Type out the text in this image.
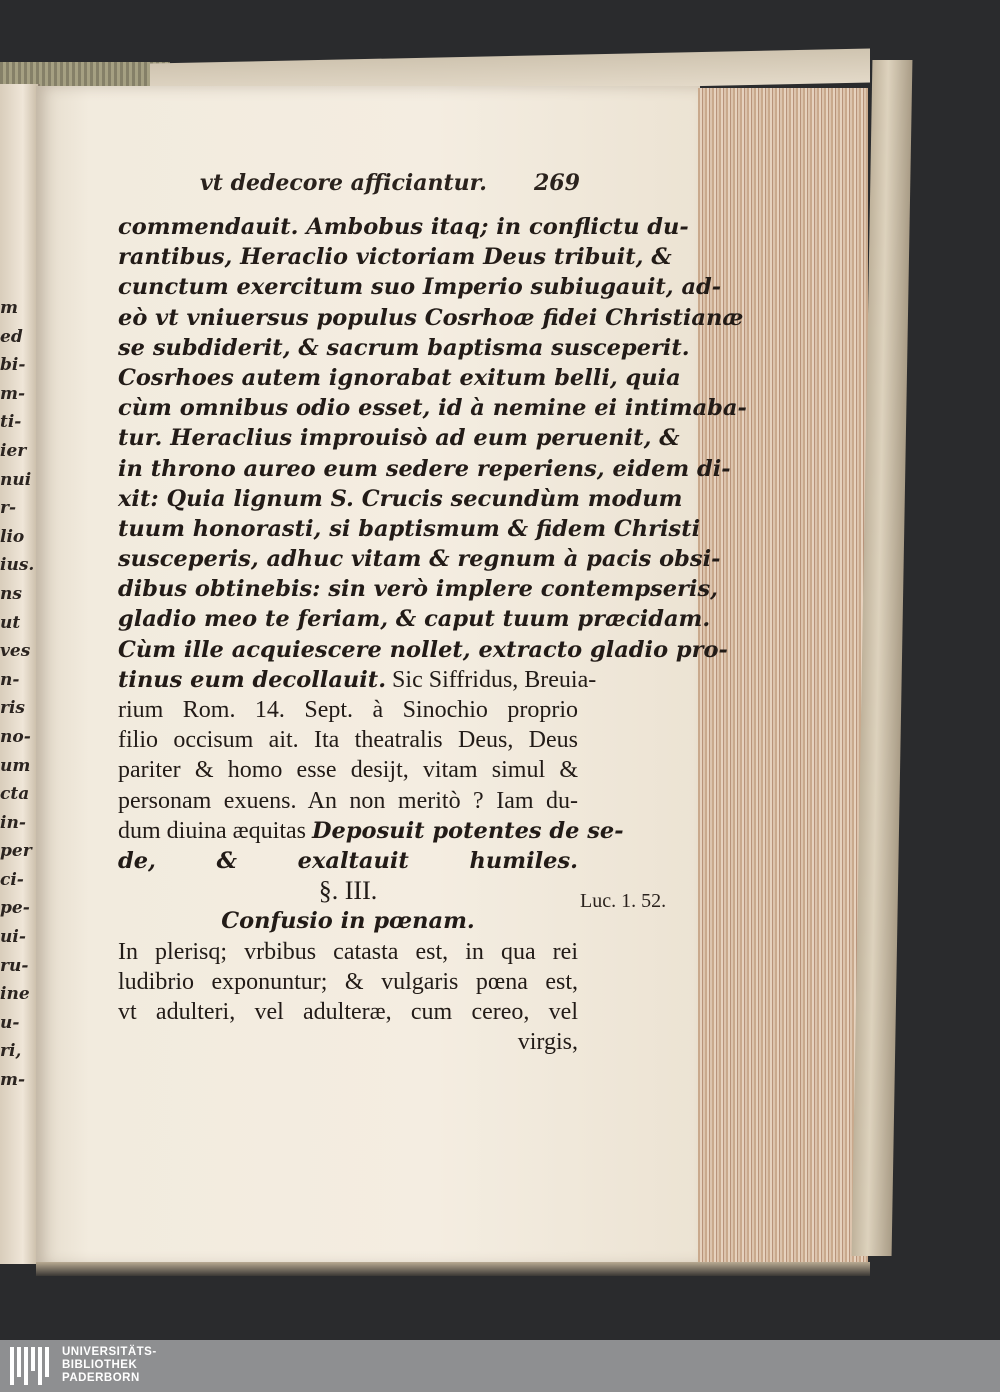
m
ed
bi-
m-
ti-
ier
nui
r-
lio
ius.
ns
ut
ves
n-
ris
no-
um
cta
in-
per
ci-
pe-
ui-
ru-
ine
u-
ri,
m-
vt dedecore afficiantur.	269
commendauit. Ambobus itaq; in conflictu du-
rantibus, Heraclio victoriam Deus tribuit, &
cunctum exercitum suo Imperio subiugauit, ad-
eò vt vniuersus populus Cosrhoæ fidei Christianæ
se subdiderit, & sacrum baptisma susceperit.
Cosrhoes autem ignorabat exitum belli, quia
cùm omnibus odio esset, id à nemine ei intimaba-
tur. Heraclius improuisò ad eum peruenit, &
in throno aureo eum sedere reperiens, eidem di-
xit: Quia lignum S. Crucis secundùm modum
tuum honorasti, si baptismum & fidem Christi
susceperis, adhuc vitam & regnum à pacis obsi-
dibus obtinebis: sin verò implere contempseris,
gladio meo te feriam, & caput tuum præcidam.
Cùm ille acquiescere nollet, extracto gladio pro-
tinus eum decollauit. Sic Siffridus, Breuia-
rium Rom. 14. Sept. à Sinochio proprio
filio occisum ait. Ita theatralis Deus, Deus
pariter & homo esse desijt, vitam simul &
personam exuens. An non meritò ? Iam du-
dum diuina æquitas Deposuit potentes de se-
de, & exaltauit humiles.
§. III.
Confusio in pœnam.
In plerisq; vrbibus catasta est, in qua rei
ludibrio exponuntur; & vulgaris pœna est,
vt adulteri, vel adulteræ, cum cereo, vel
virgis,
Luc. 1. 52.
UNIVERSITÄTS-
BIBLIOTHEK
PADERBORN
